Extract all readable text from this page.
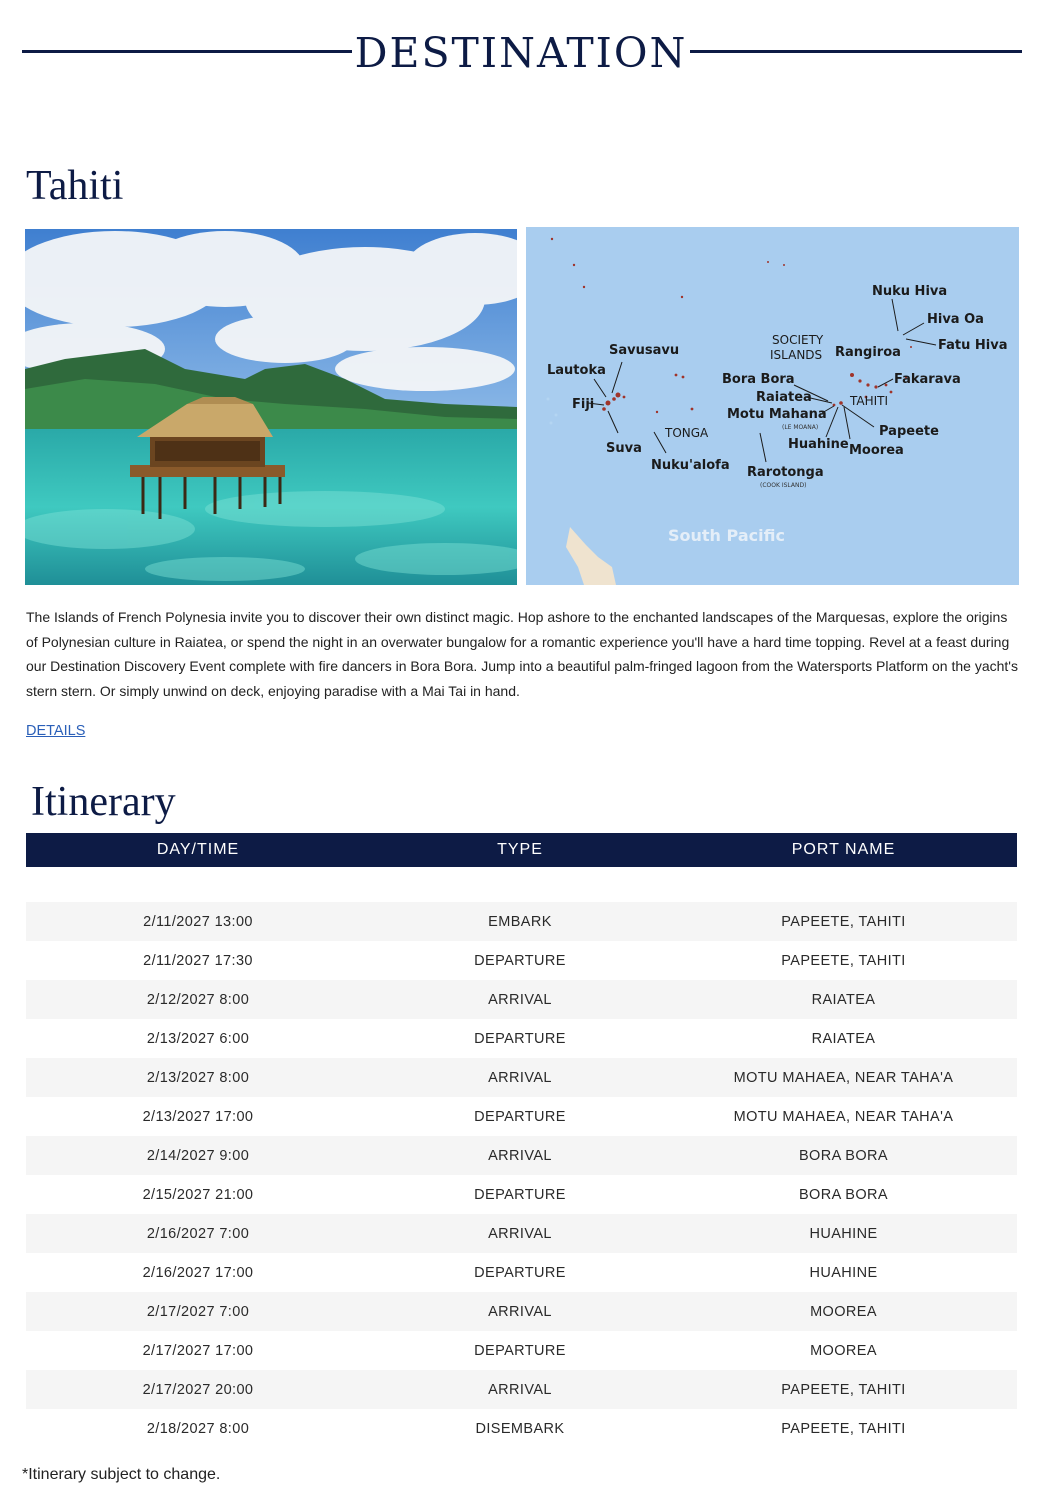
DESTINATION
Tahiti
Nuku Hiva
Hiva Oa
Fatu Hiva
SOCIETY
ISLANDS Rangiroa
Fakarava
TAHITI
Savusavu
Lautoka
Fiji
Suva
TONGA
Nuku'alofa
Bora Bora
Raiatea
Motu Mahana
(LE MOANA)
Huahine Moorea
Papeete
Rarotonga
(COOK ISLAND)
South Pacific

The Islands of French Polynesia invite you to discover their own distinct magic. Hop ashore to the enchanted landscapes of the Marquesas, explore the origins of Polynesian culture in Raiatea, or spend the night in an overwater bungalow for a romantic experience you'll have a hard time topping. Revel at a feast during our Destination Discovery Event complete with fire dancers in Bora Bora. Jump into a beautiful palm-fringed lagoon from the Watersports Platform on the yacht's stern stern. Or simply unwind on deck, enjoying paradise with a Mai Tai in hand.

DETAILS
Itinerary
DAY/TIME	TYPE	PORT NAME
2/11/2027 13:00	EMBARK	PAPEETE, TAHITI
2/11/2027 17:30	DEPARTURE	PAPEETE, TAHITI
2/12/2027 8:00	ARRIVAL	RAIATEA
2/13/2027 6:00	DEPARTURE	RAIATEA
2/13/2027 8:00	ARRIVAL	MOTU MAHAEA, NEAR TAHA'A
2/13/2027 17:00	DEPARTURE	MOTU MAHAEA, NEAR TAHA'A
2/14/2027 9:00	ARRIVAL	BORA BORA
2/15/2027 21:00	DEPARTURE	BORA BORA
2/16/2027 7:00	ARRIVAL	HUAHINE
2/16/2027 17:00	DEPARTURE	HUAHINE
2/17/2027 7:00	ARRIVAL	MOOREA
2/17/2027 17:00	DEPARTURE	MOOREA
2/17/2027 20:00	ARRIVAL	PAPEETE, TAHITI
2/18/2027 8:00	DISEMBARK	PAPEETE, TAHITI
*Itinerary subject to change.
